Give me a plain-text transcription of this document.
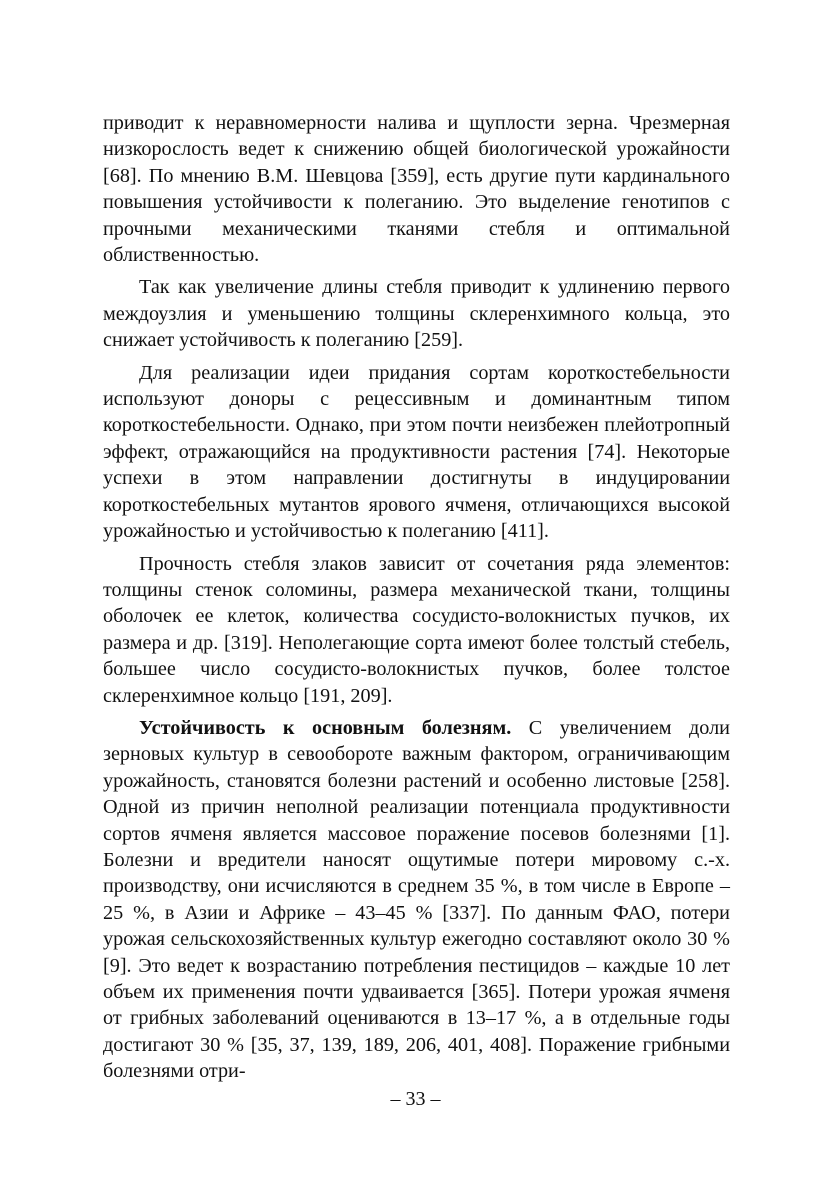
приводит к неравномерности налива и щуплости зерна. Чрезмерная низкорослость ведет к снижению общей биологической урожайности [68]. По мнению В.М. Шевцова [359], есть другие пути кардинального повышения устойчивости к полеганию. Это выделение генотипов с прочными механическими тканями стебля и оптимальной облиственностью.

Так как увеличение длины стебля приводит к удлинению первого междоузлия и уменьшению толщины склеренхимного кольца, это снижает устойчивость к полеганию [259].

Для реализации идеи придания сортам короткостебельности используют доноры с рецессивным и доминантным типом короткостебельности. Однако, при этом почти неизбежен плейотропный эффект, отражающийся на продуктивности растения [74]. Некоторые успехи в этом направлении достигнуты в индуцировании короткостебельных мутантов ярового ячменя, отличающихся высокой урожайностью и устойчивостью к полеганию [411].

Прочность стебля злаков зависит от сочетания ряда элементов: толщины стенок соломины, размера механической ткани, толщины оболочек ее клеток, количества сосудисто-волокнистых пучков, их размера и др. [319]. Неполегающие сорта имеют более толстый стебель, большее число сосудисто-волокнистых пучков, более толстое склеренхимное кольцо [191, 209].

Устойчивость к основным болезням. С увеличением доли зерновых культур в севообороте важным фактором, ограничивающим урожайность, становятся болезни растений и особенно листовые [258]. Одной из причин неполной реализации потенциала продуктивности сортов ячменя является массовое поражение посевов болезнями [1]. Болезни и вредители наносят ощутимые потери мировому с.-х. производству, они исчисляются в среднем 35 %, в том числе в Европе – 25 %, в Азии и Африке – 43–45 % [337]. По данным ФАО, потери урожая сельскохозяйственных культур ежегодно составляют около 30 % [9]. Это ведет к возрастанию потребления пестицидов – каждые 10 лет объем их применения почти удваивается [365]. Потери урожая ячменя от грибных заболеваний оцениваются в 13–17 %, а в отдельные годы достигают 30 % [35, 37, 139, 189, 206, 401, 408]. Поражение грибными болезнями отри-

– 33 –
